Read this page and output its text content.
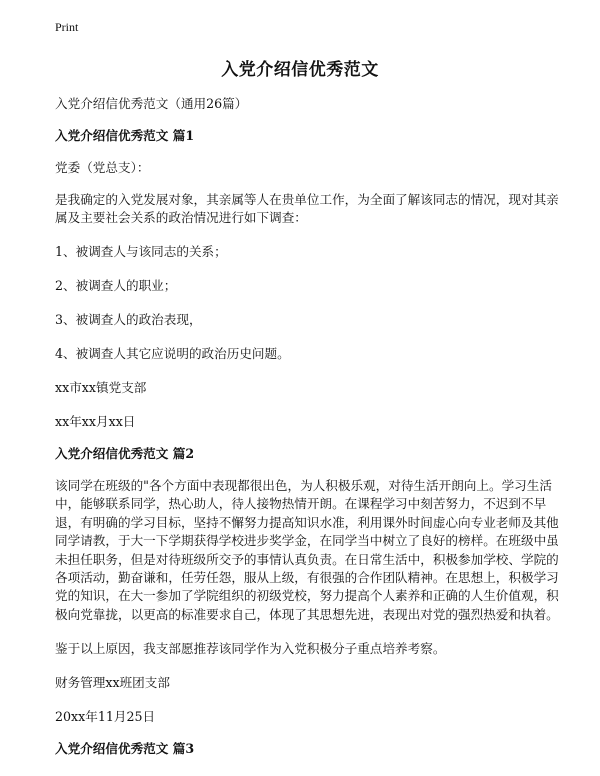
Print
入党介绍信优秀范文

入党介绍信优秀范文（通用26篇）

入党介绍信优秀范文 篇1

党委（党总支）：

是我确定的入党发展对象，其亲属等人在贵单位工作，为全面了解该同志的情况，现对其亲属及主要社会关系的政治情况进行如下调查：

1、被调查人与该同志的关系；

2、被调查人的职业；

3、被调查人的政治表现，

4、被调查人其它应说明的政治历史问题。

xx市xx镇党支部

xx年xx月xx日

入党介绍信优秀范文 篇2

该同学在班级的"各个方面中表现都很出色，为人积极乐观，对待生活开朗向上。学习生活中，能够联系同学，热心助人，待人接物热情开朗。在课程学习中刻苦努力，不迟到不早退，有明确的学习目标，坚持不懈努力提高知识水准，利用课外时间虚心向专业老师及其他同学请教，于大一下学期获得学校进步奖学金，在同学当中树立了良好的榜样。在班级中虽未担任职务，但是对待班级所交予的事情认真负责。在日常生活中，积极参加学校、学院的各项活动，勤奋谦和，任劳任怨，服从上级，有很强的合作团队精神。在思想上，积极学习党的知识，在大一参加了学院组织的初级党校，努力提高个人素养和正确的人生价值观，积极向党靠拢，以更高的标准要求自己，体现了其思想先进，表现出对党的强烈热爱和执着。

鉴于以上原因，我支部愿推荐该同学作为入党积极分子重点培养考察。

财务管理xx班团支部

20xx年11月25日

入党介绍信优秀范文 篇3
